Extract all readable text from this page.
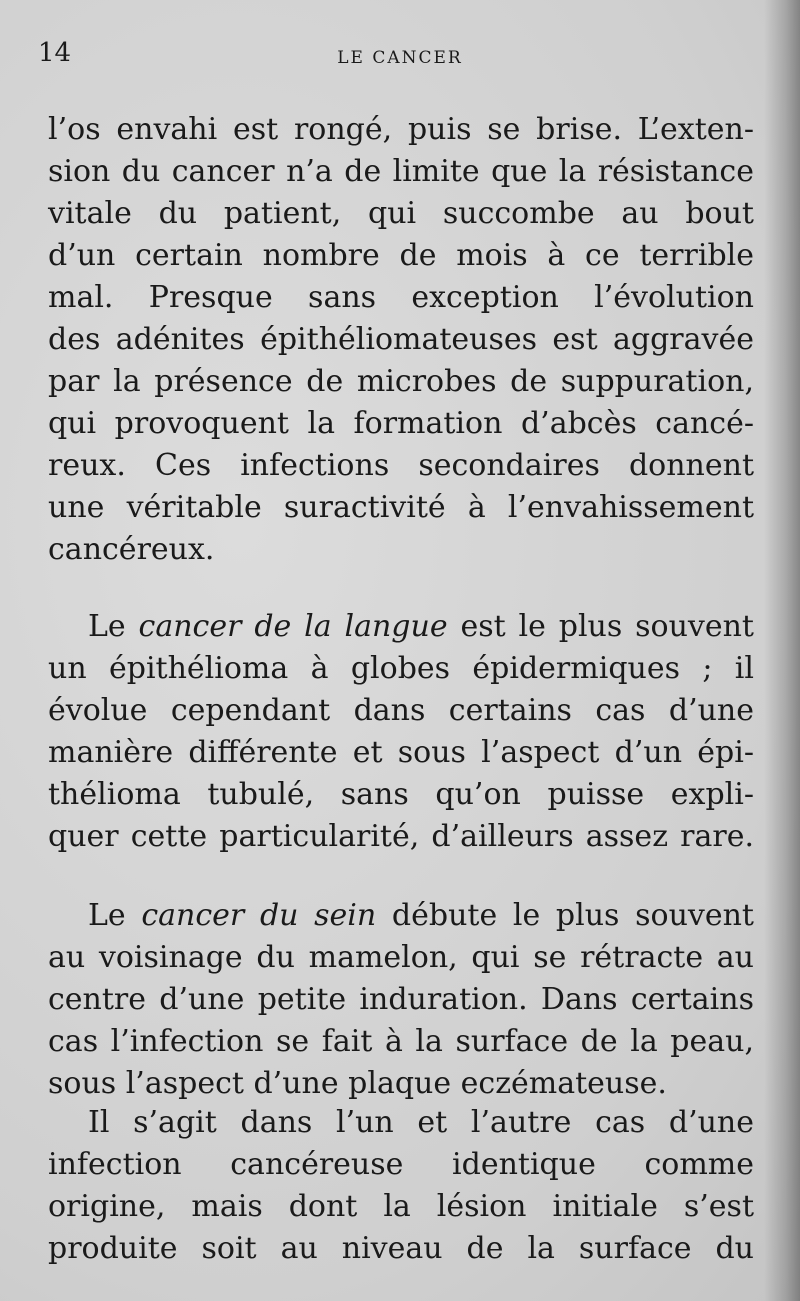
14	LE CANCER
l’os envahi est rongé, puis se brise. L’exten-
sion du cancer n’a de limite que la résistance
vitale du patient, qui succombe au bout
d’un certain nombre de mois à ce terrible
mal. Presque sans exception l’évolution
des adénites épithéliomateuses est aggravée
par la présence de microbes de suppuration,
qui provoquent la formation d’abcès cancé-
reux. Ces infections secondaires donnent
une véritable suractivité à l’envahissement
cancéreux.
Le cancer de la langue est le plus souvent
un épithélioma à globes épidermiques ; il
évolue cependant dans certains cas d’une
manière différente et sous l’aspect d’un épi-
thélioma tubulé, sans qu’on puisse expli-
quer cette particularité, d’ailleurs assez rare.
Le cancer du sein débute le plus souvent
au voisinage du mamelon, qui se rétracte au
centre d’une petite induration. Dans certains
cas l’infection se fait à la surface de la peau,
sous l’aspect d’une plaque eczémateuse.
Il s’agit dans l’un et l’autre cas d’une
infection cancéreuse identique comme
origine, mais dont la lésion initiale s’est
produite soit au niveau de la surface du
